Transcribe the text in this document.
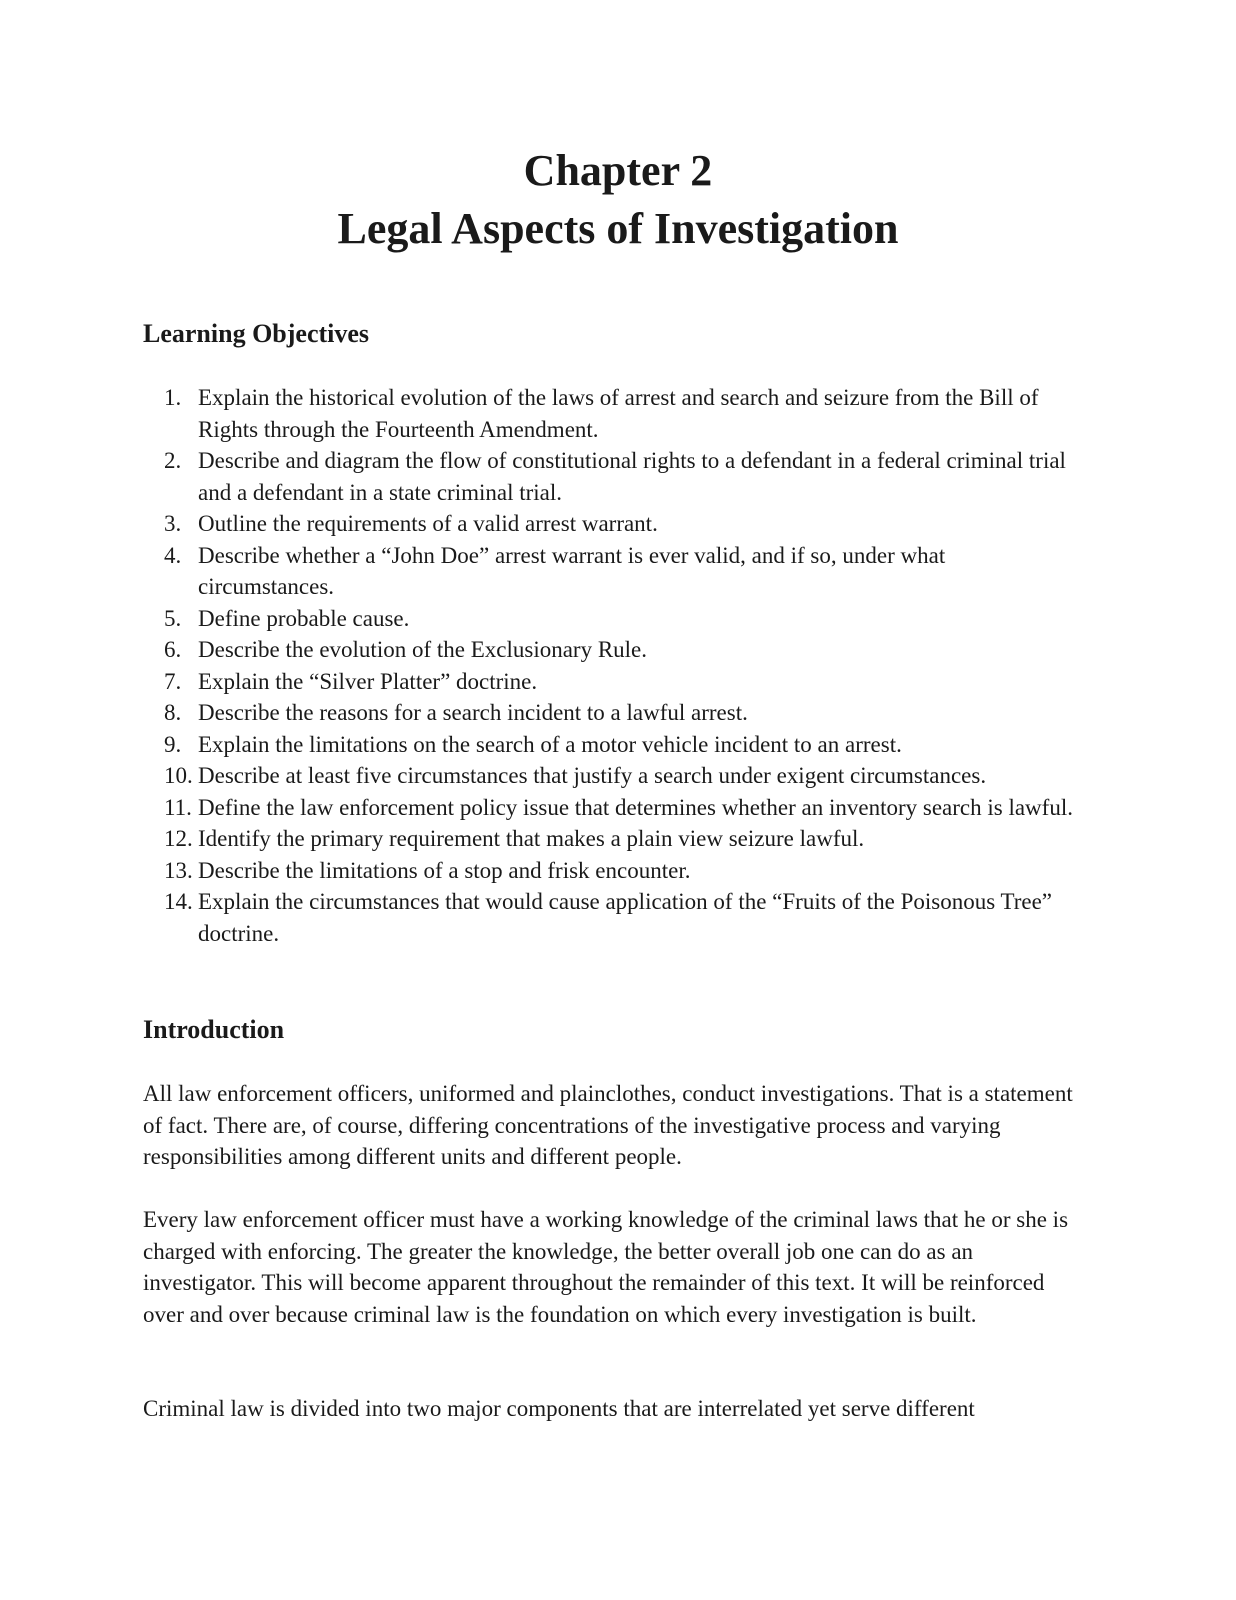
Chapter 2
Legal Aspects of Investigation
Learning Objectives
1. Explain the historical evolution of the laws of arrest and search and seizure from the Bill of Rights through the Fourteenth Amendment.
2. Describe and diagram the flow of constitutional rights to a defendant in a federal criminal trial and a defendant in a state criminal trial.
3. Outline the requirements of a valid arrest warrant.
4. Describe whether a “John Doe” arrest warrant is ever valid, and if so, under what circumstances.
5. Define probable cause.
6. Describe the evolution of the Exclusionary Rule.
7. Explain the “Silver Platter” doctrine.
8. Describe the reasons for a search incident to a lawful arrest.
9. Explain the limitations on the search of a motor vehicle incident to an arrest.
10. Describe at least five circumstances that justify a search under exigent circumstances.
11. Define the law enforcement policy issue that determines whether an inventory search is lawful.
12. Identify the primary requirement that makes a plain view seizure lawful.
13. Describe the limitations of a stop and frisk encounter.
14. Explain the circumstances that would cause application of the “Fruits of the Poisonous Tree” doctrine.
Introduction

All law enforcement officers, uniformed and plainclothes, conduct investigations. That is a statement of fact. There are, of course, differing concentrations of the investigative process and varying responsibilities among different units and different people.

Every law enforcement officer must have a working knowledge of the criminal laws that he or she is charged with enforcing. The greater the knowledge, the better overall job one can do as an investigator. This will become apparent throughout the remainder of this text. It will be reinforced over and over because criminal law is the foundation on which every investigation is built.

Criminal law is divided into two major components that are interrelated yet serve different
